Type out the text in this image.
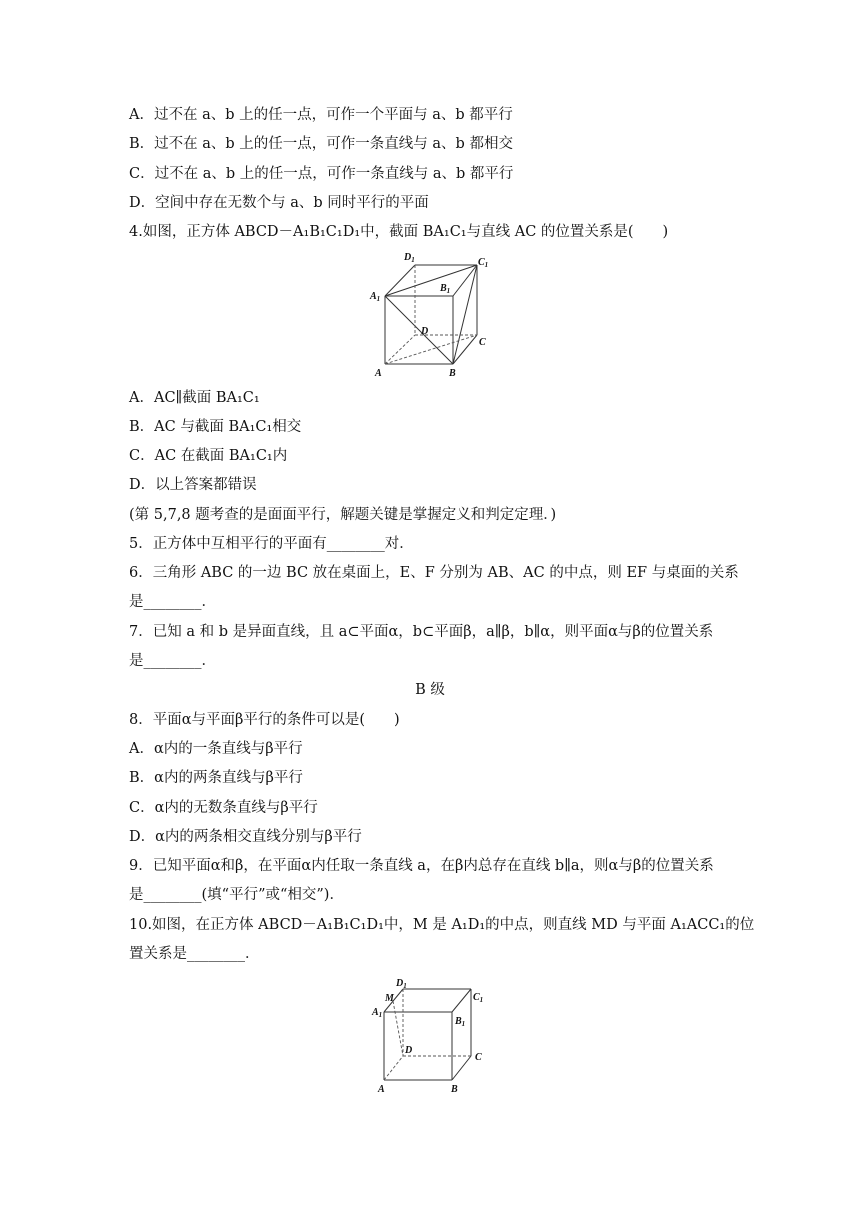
A．过不在 a、b 上的任一点，可作一个平面与 a、b 都平行
B．过不在 a、b 上的任一点，可作一条直线与 a、b 都相交
C．过不在 a、b 上的任一点，可作一条直线与 a、b 都平行
D．空间中存在无数个与 a、b 同时平行的平面
4.如图，正方体 ABCD－A₁B₁C₁D₁中，截面 BA₁C₁与直线 AC 的位置关系是(　　)
$D_1$	$C_1$
$A_1$
$B_1$
D
C
A	B
A．AC∥截面 BA₁C₁
B．AC 与截面 BA₁C₁相交
C．AC 在截面 BA₁C₁内
D．以上答案都错误
(第 5,7,8 题考查的是面面平行，解题关键是掌握定义和判定定理．)
5．正方体中互相平行的平面有________对．
6．三角形 ABC 的一边 BC 放在桌面上，E、F 分别为 AB、AC 的中点，则 EF 与桌面的关系
是________．
7．已知 a 和 b 是异面直线，且 a⊂平面α，b⊂平面β，a∥β，b∥α，则平面α与β的位置关系
是________．
B 级
8．平面α与平面β平行的条件可以是(　　)
A．α内的一条直线与β平行
B．α内的两条直线与β平行
C．α内的无数条直线与β平行
D．α内的两条相交直线分别与β平行
9．已知平面α和β，在平面α内任取一条直线 a，在β内总存在直线 b∥a，则α与β的位置关系
是________(填“平行”或“相交”)．
10.如图，在正方体 ABCD－A₁B₁C₁D₁中，M 是 A₁D₁的中点，则直线 MD 与平面 A₁ACC₁的位
置关系是________．
$D_1$
$C_1$
M
$A_1$
$B_1$
D
C
A	B
